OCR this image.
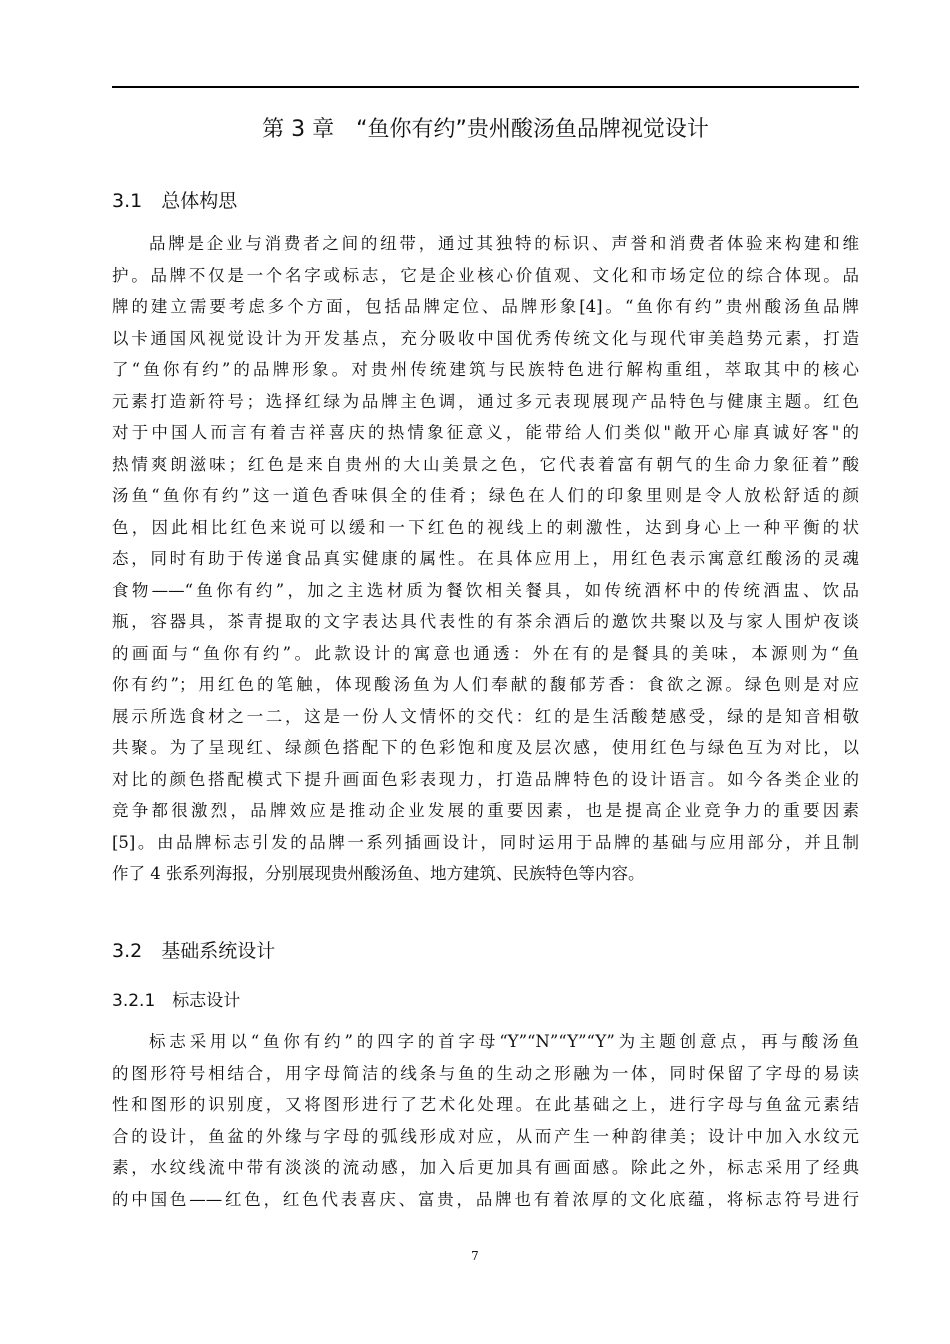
第 3 章　“鱼你有约”贵州酸汤鱼品牌视觉设计
3.1　总体构思
品牌是企业与消费者之间的纽带，通过其独特的标识、声誉和消费者体验来构建和维
护。品牌不仅是一个名字或标志，它是企业核心价值观、文化和市场定位的综合体现。品
牌的建立需要考虑多个方面，包括品牌定位、品牌形象[4]。“鱼你有约”贵州酸汤鱼品牌
以卡通国风视觉设计为开发基点，充分吸收中国优秀传统文化与现代审美趋势元素，打造
了“鱼你有约”的品牌形象。对贵州传统建筑与民族特色进行解构重组，萃取其中的核心
元素打造新符号；选择红绿为品牌主色调，通过多元表现展现产品特色与健康主题。红色
对于中国人而言有着吉祥喜庆的热情象征意义，能带给人们类似"敞开心扉真诚好客"的
热情爽朗滋味；红色是来自贵州的大山美景之色，它代表着富有朝气的生命力象征着”酸
汤鱼“鱼你有约”这一道色香味俱全的佳肴；绿色在人们的印象里则是令人放松舒适的颜
色，因此相比红色来说可以缓和一下红色的视线上的刺激性，达到身心上一种平衡的状
态，同时有助于传递食品真实健康的属性。在具体应用上，用红色表示寓意红酸汤的灵魂
食物——“鱼你有约”，加之主选材质为餐饮相关餐具，如传统酒杯中的传统酒盅、饮品
瓶，容器具，茶青提取的文字表达具代表性的有茶余酒后的邀饮共聚以及与家人围炉夜谈
的画面与“鱼你有约”。此款设计的寓意也通透：外在有的是餐具的美味，本源则为“鱼
你有约”；用红色的笔触，体现酸汤鱼为人们奉献的馥郁芳香：食欲之源。绿色则是对应
展示所选食材之一二，这是一份人文情怀的交代：红的是生活酸楚感受，绿的是知音相敬
共聚。为了呈现红、绿颜色搭配下的色彩饱和度及层次感，使用红色与绿色互为对比，以
对比的颜色搭配模式下提升画面色彩表现力，打造品牌特色的设计语言。如今各类企业的
竞争都很激烈，品牌效应是推动企业发展的重要因素，也是提高企业竞争力的重要因素
[5]。由品牌标志引发的品牌一系列插画设计，同时运用于品牌的基础与应用部分，并且制
作了 4 张系列海报，分别展现贵州酸汤鱼、地方建筑、民族特色等内容。
3.2　基础系统设计
3.2.1　标志设计
标志采用以“鱼你有约”的四字的首字母“Y”“N”“Y”“Y”为主题创意点，再与酸汤鱼
的图形符号相结合，用字母简洁的线条与鱼的生动之形融为一体，同时保留了字母的易读
性和图形的识别度，又将图形进行了艺术化处理。在此基础之上，进行字母与鱼盆元素结
合的设计，鱼盆的外缘与字母的弧线形成对应，从而产生一种韵律美；设计中加入水纹元
素，水纹线流中带有淡淡的流动感，加入后更加具有画面感。除此之外，标志采用了经典
的中国色——红色，红色代表喜庆、富贵，品牌也有着浓厚的文化底蕴，将标志符号进行
7
